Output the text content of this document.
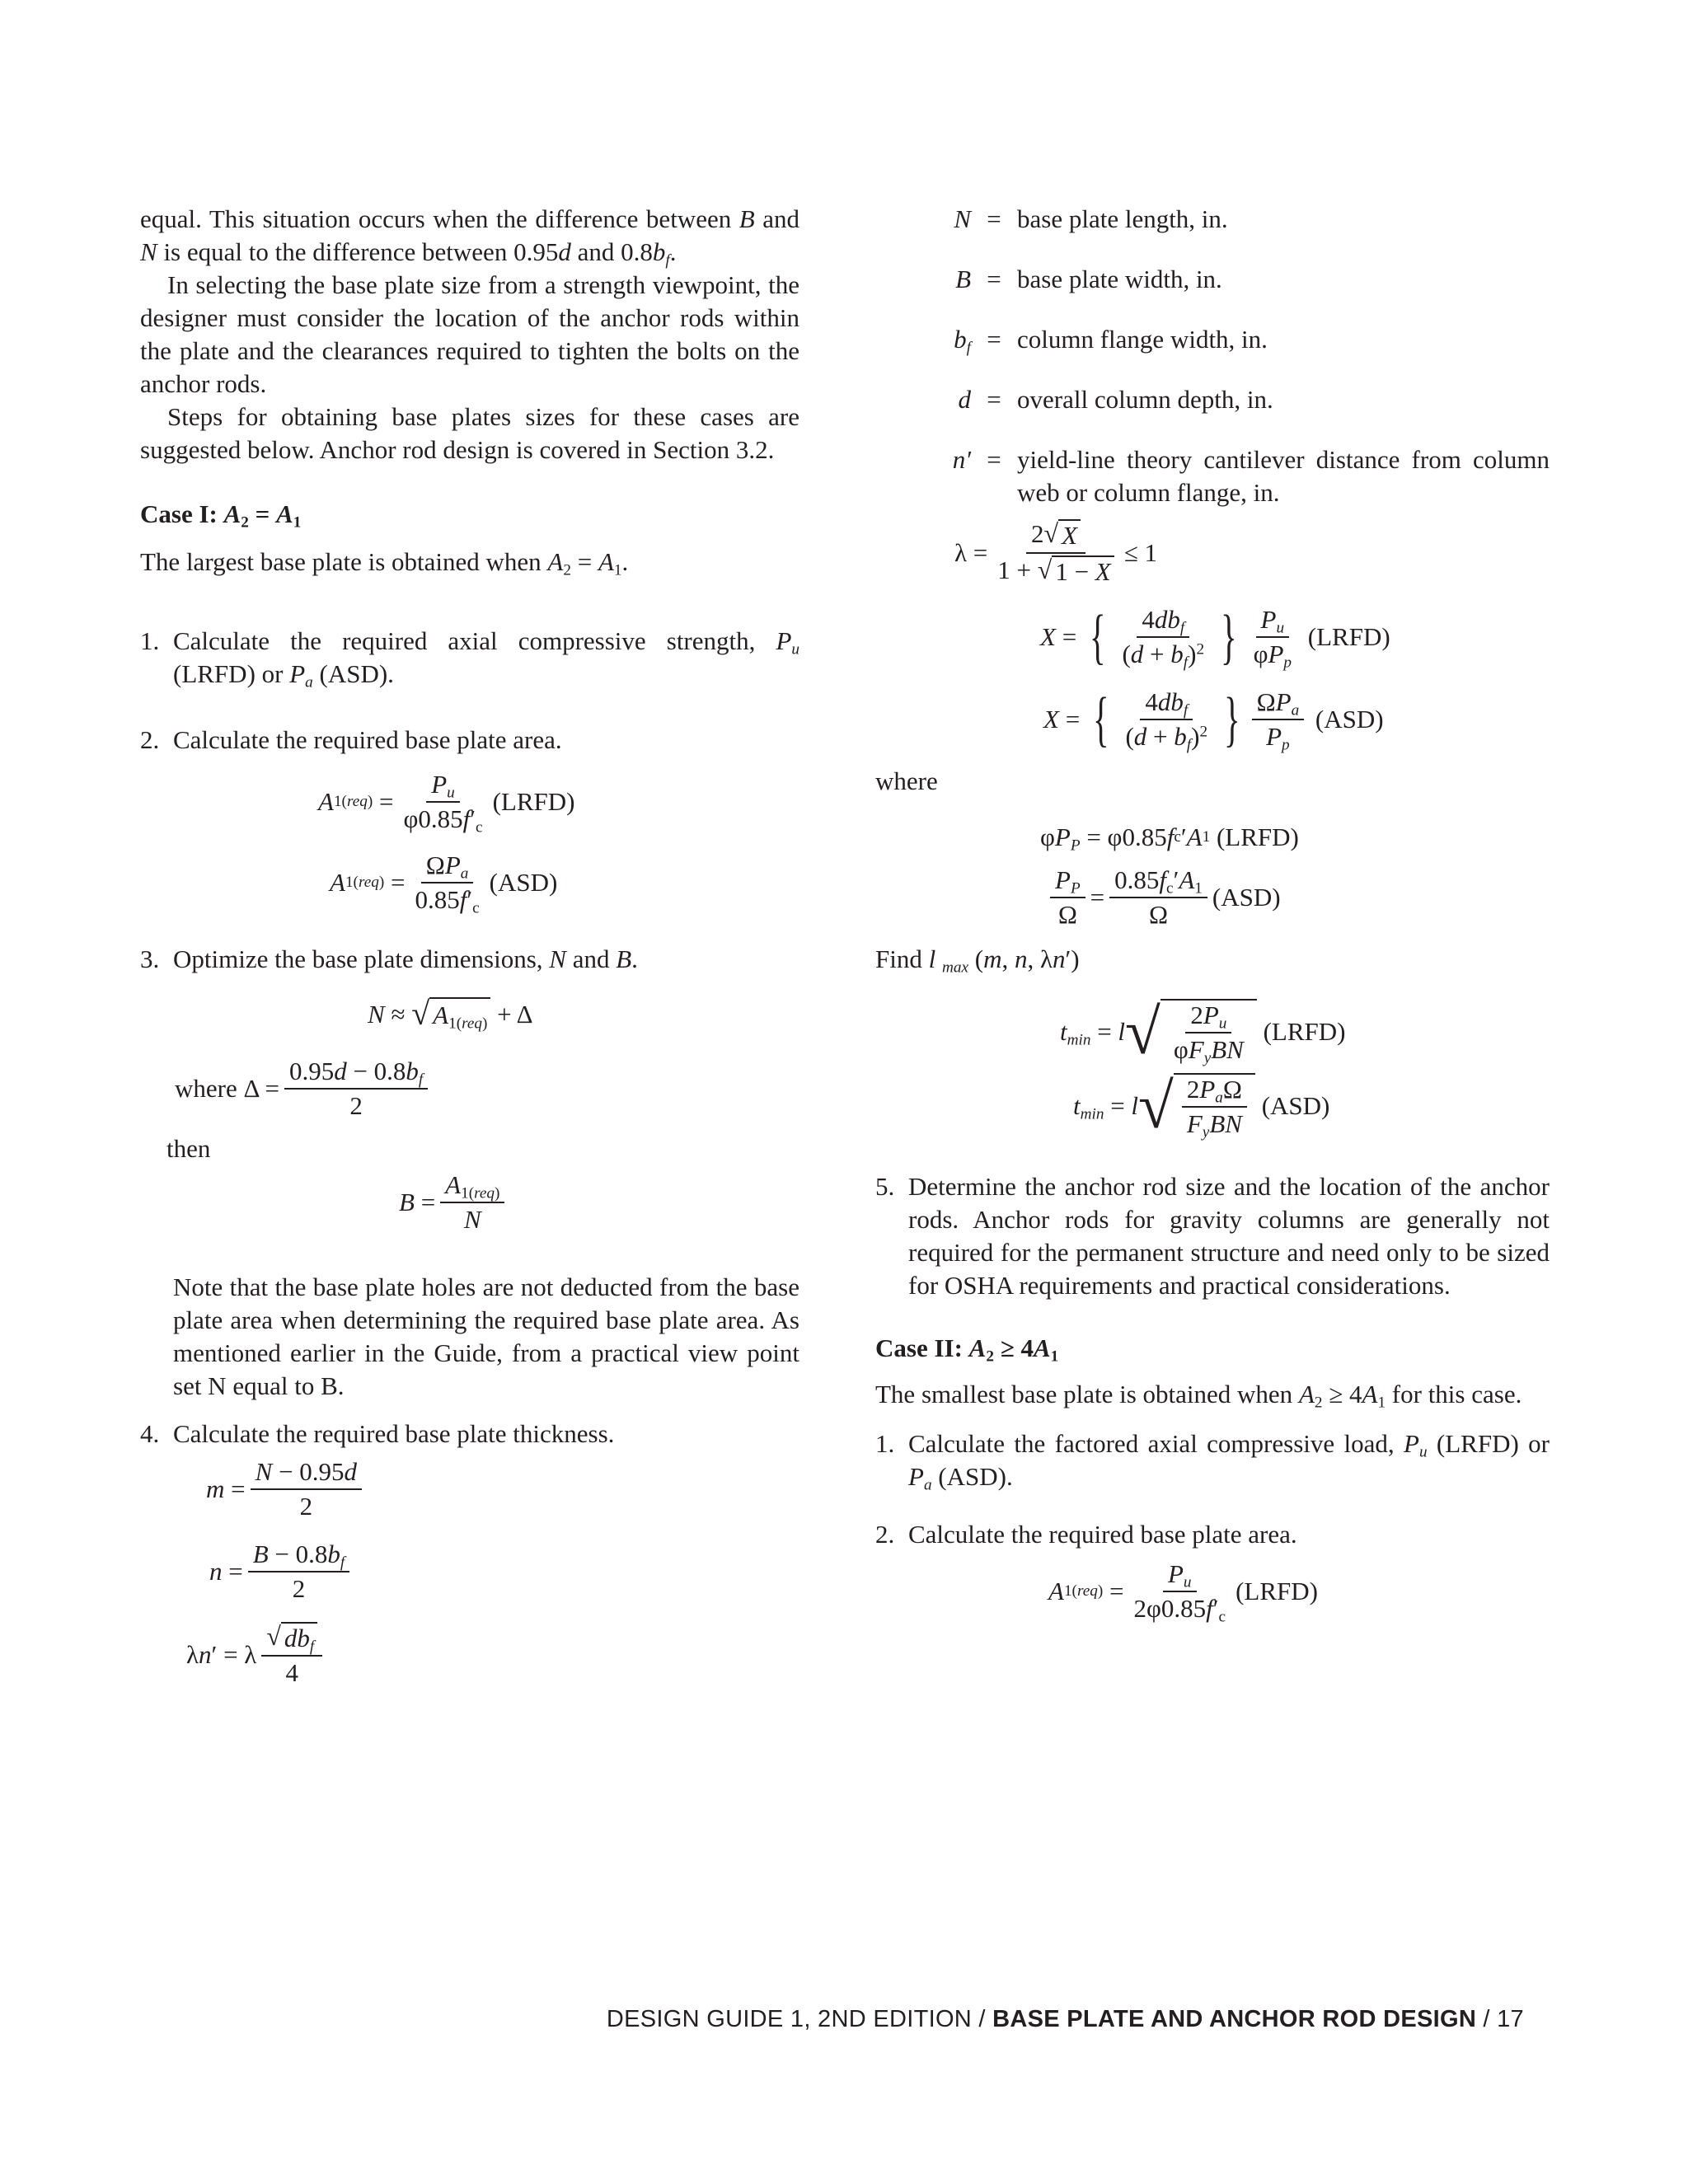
equal. This situation occurs when the difference between B and N is equal to the difference between 0.95d and $0.8b_f$.

In selecting the base plate size from a strength viewpoint, the designer must consider the location of the anchor rods within the plate and the clearances required to tighten the bolts on the anchor rods.

Steps for obtaining base plates sizes for these cases are suggested below. Anchor rod design is covered in Section 3.2.

Case I: $A_2 = A_1$

The largest base plate is obtained when $A_2 = A_1$.

1. Calculate the required axial compressive strength, $P_u$ (LRFD) or $P_a$ (ASD).
2. Calculate the required base plate area.
A $1(req) = \frac{P_u}{\varphi 0.85f'_c}$ (LRFD)
A $1(req) = \frac{\Omega P_a}{0.85f'_c} (ASD)$
3. Optimize the base plate dimensions, N and B.
N ≈ √ $A_{1(req)} + \Delta$
where $\Delta = \frac{0.95d - 0.8b_f}{2}$

then

$B = \frac{A_{1(req)}}{N}$

Note that the base plate holes are not deducted from the base plate area when determining the required base plate area. As mentioned earlier in the Guide, from a practical view point set N equal to B.

4. Calculate the required base plate thickness.
$m = \frac{N - 0.95d}{2}$
$n = \frac{B - 0.8b_f}{2}$
λ n ′ = λ $\frac{√ db_f}{4}$
N = base plate length, in.
B = base plate width, in.
$b_f$ = column flange width, in.
d = overall column depth, in.
n′ = yield-line theory cantilever distance from column web or column flange, in.
$\lambda = \frac{2 √ X}{1 + √ 1 - X} \le 1$
X = { $\frac{4db_f}{(d + b_f)^2}$ } $\frac{P_u}{\varphi P_p}$
(LRFD)
X = { $\frac{4db_f}{(d + b_f)^2}$ } $\frac{\Omega P_a}{P_p}$
(ASD)

where

φ $P_P = \varphi 0.85$ f c ′ A 1
(LRFD)
$\frac{P_P}{\Omega} = \frac{0.85f_c'A_1}{\Omega} (ASD)$

Find l $_{max}$ (m, n, λn′)

$t_{min} = l$ √ $\frac{2P_u}{\varphi F_yBN}$
(LRFD)
$t_{min} = l$ √ $\frac{2P_a\Omega}{F_yBN}$
(ASD)
5. Determine the anchor rod size and the location of the anchor rods. Anchor rods for gravity columns are generally not required for the permanent structure and need only to be sized for OSHA requirements and practical considerations.

Case II: $A_2 \ge 4A_1$

The smallest base plate is obtained when $A_2 \ge 4A_1$ for this case.

1. Calculate the factored axial compressive load, $P_u$ (LRFD) or $P_a$ (ASD).
2. Calculate the required base plate area.
A $1(req) = \frac{P_u}{2\varphi 0.85f'_c}$ (LRFD)
DESIGN GUIDE 1, 2ND EDITION / BASE PLATE AND ANCHOR ROD DESIGN / 17
